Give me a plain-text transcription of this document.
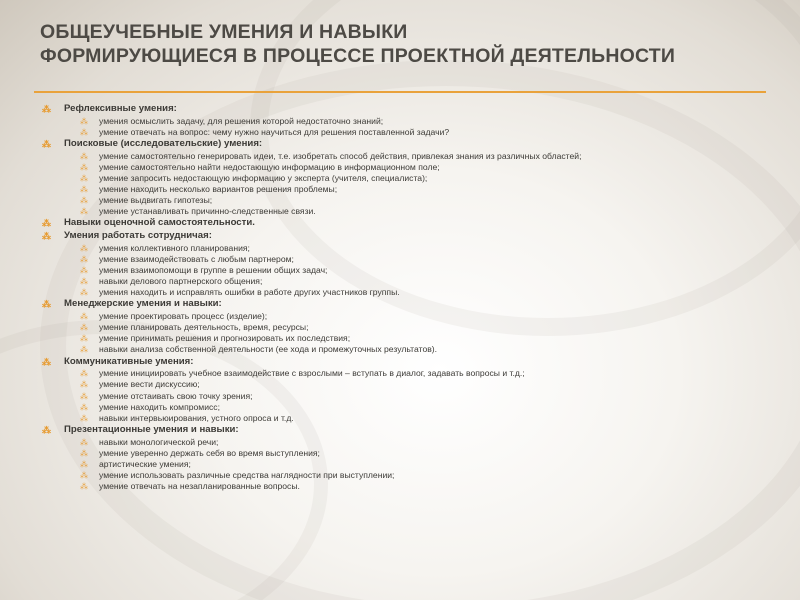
ОБЩЕУЧЕБНЫЕ УМЕНИЯ И НАВЫКИ
ФОРМИРУЮЩИЕСЯ В ПРОЦЕССЕ ПРОЕКТНОЙ ДЕЯТЕЛЬНОСТИ
⁂ Рефлексивные умения:
⁂ умения осмыслить задачу, для решения которой недостаточно знаний;
⁂ умение отвечать на вопрос: чему нужно научиться для решения поставленной задачи?
⁂ Поисковые (исследовательские) умения:
⁂ умение самостоятельно генерировать идеи, т.е. изобретать способ действия, привлекая знания из различных областей;
⁂ умение самостоятельно найти недостающую информацию в информационном поле;
⁂ умение запросить недостающую информацию у эксперта (учителя, специалиста);
⁂ умение находить несколько вариантов решения проблемы;
⁂ умение выдвигать гипотезы;
⁂ умение устанавливать причинно-следственные связи.
⁂ Навыки оценочной самостоятельности.
⁂ Умения работать сотрудничая:
⁂ умения коллективного планирования;
⁂ умение взаимодействовать с любым партнером;
⁂ умения взаимопомощи в группе в решении общих задач;
⁂ навыки делового партнерского общения;
⁂ умения находить и исправлять ошибки в работе других участников группы.
⁂ Менеджерские умения и навыки:
⁂ умение проектировать процесс (изделие);
⁂ умение планировать деятельность, время, ресурсы;
⁂ умение принимать решения и прогнозировать их последствия;
⁂ навыки анализа собственной деятельности (ее хода и промежуточных результатов).
⁂ Коммуникативные умения:
⁂ умение инициировать учебное взаимодействие с взрослыми – вступать в диалог, задавать вопросы и т.д.;
⁂ умение вести дискуссию;
⁂ умение отстаивать свою точку зрения;
⁂ умение находить компромисс;
⁂ навыки интервьюирования, устного опроса и т.д.
⁂ Презентационные умения и навыки:
⁂ навыки монологической речи;
⁂ умение уверенно держать себя во время выступления;
⁂ артистические умения;
⁂ умение использовать различные средства наглядности при выступлении;
⁂ умение отвечать на незапланированные вопросы.
